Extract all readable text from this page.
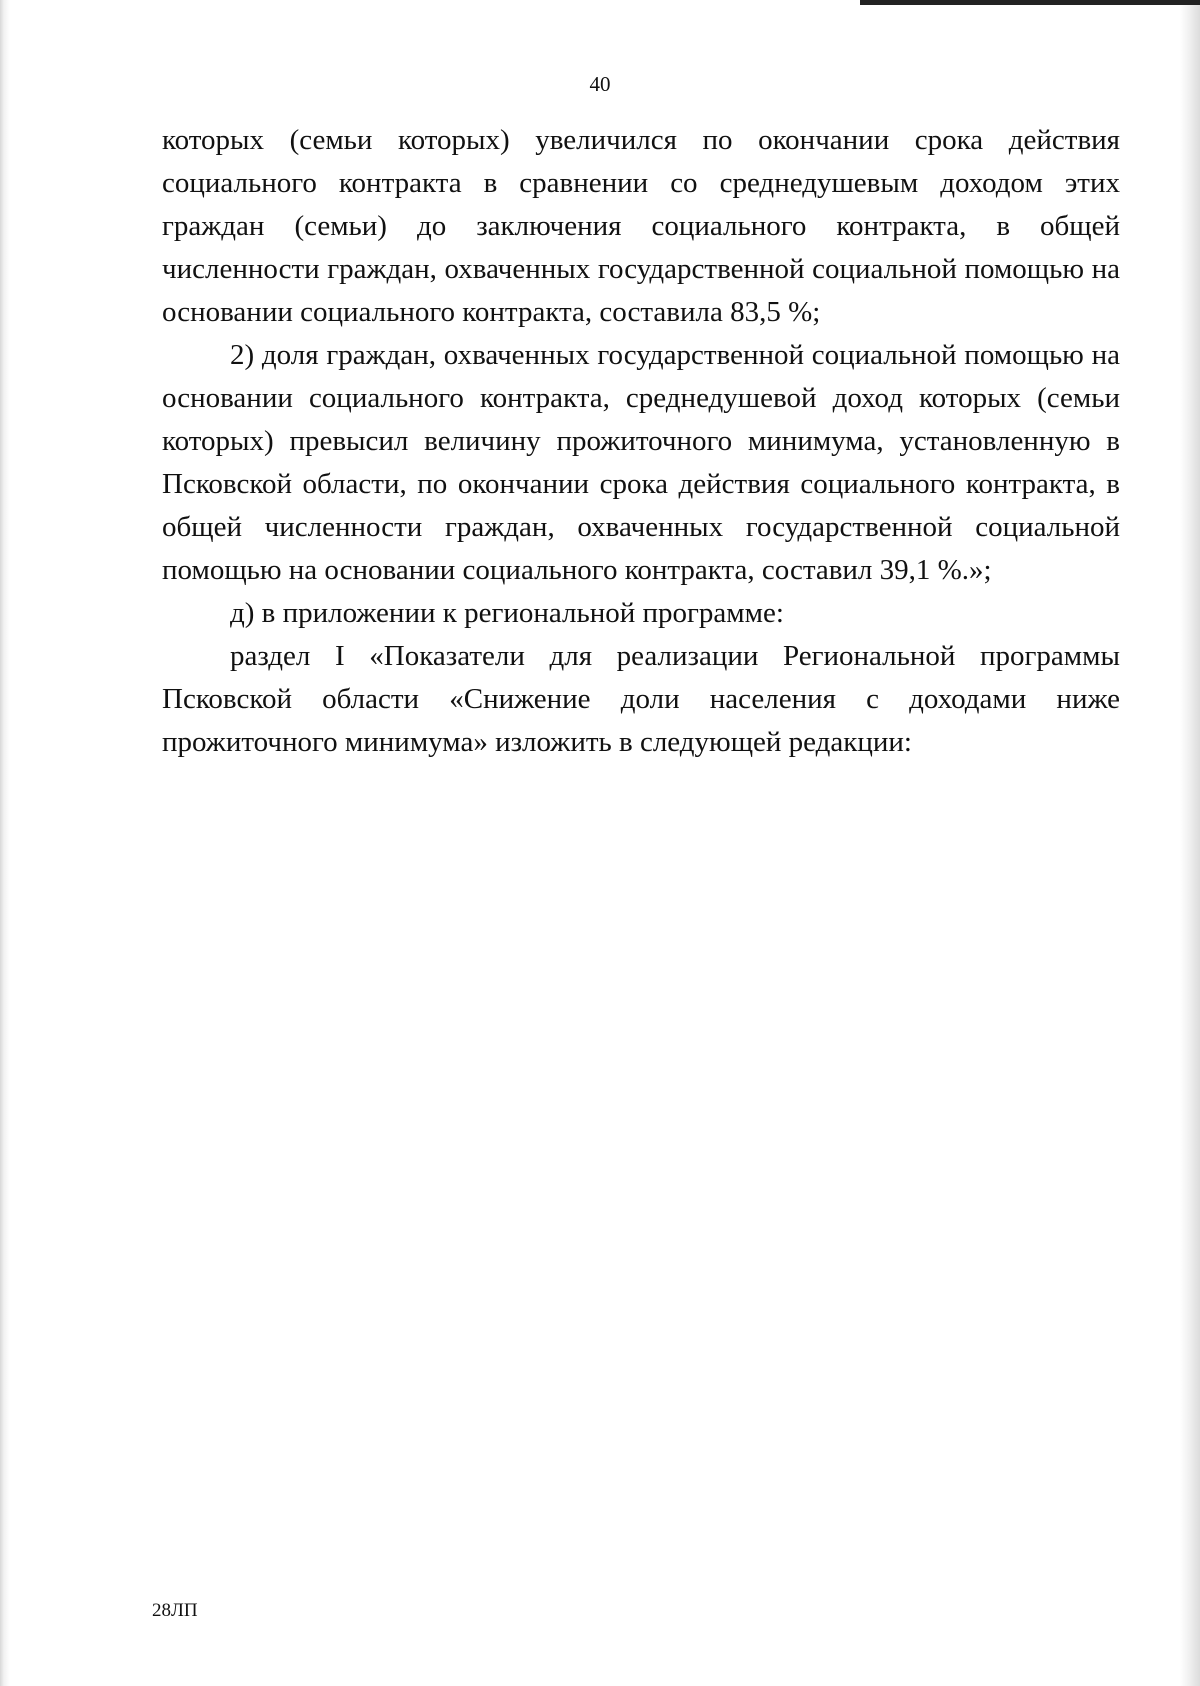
40

которых (семьи которых) увеличился по окончании срока действия социального контракта в сравнении со среднедушевым доходом этих граждан (семьи) до заключения социального контракта, в общей численности граждан, охваченных государственной социальной помощью на основании социального контракта, составила 83,5 %;

2) доля граждан, охваченных государственной социальной помощью на основании социального контракта, среднедушевой доход которых (семьи которых) превысил величину прожиточного минимума, установленную в Псковской области, по окончании срока действия социального контракта, в общей численности граждан, охваченных государственной социальной помощью на основании социального контракта, составил 39,1 %.»;

д) в приложении к региональной программе:

раздел I «Показатели для реализации Региональной программы Псковской области «Снижение доли населения с доходами ниже прожиточного минимума» изложить в следующей редакции:

28ЛП
